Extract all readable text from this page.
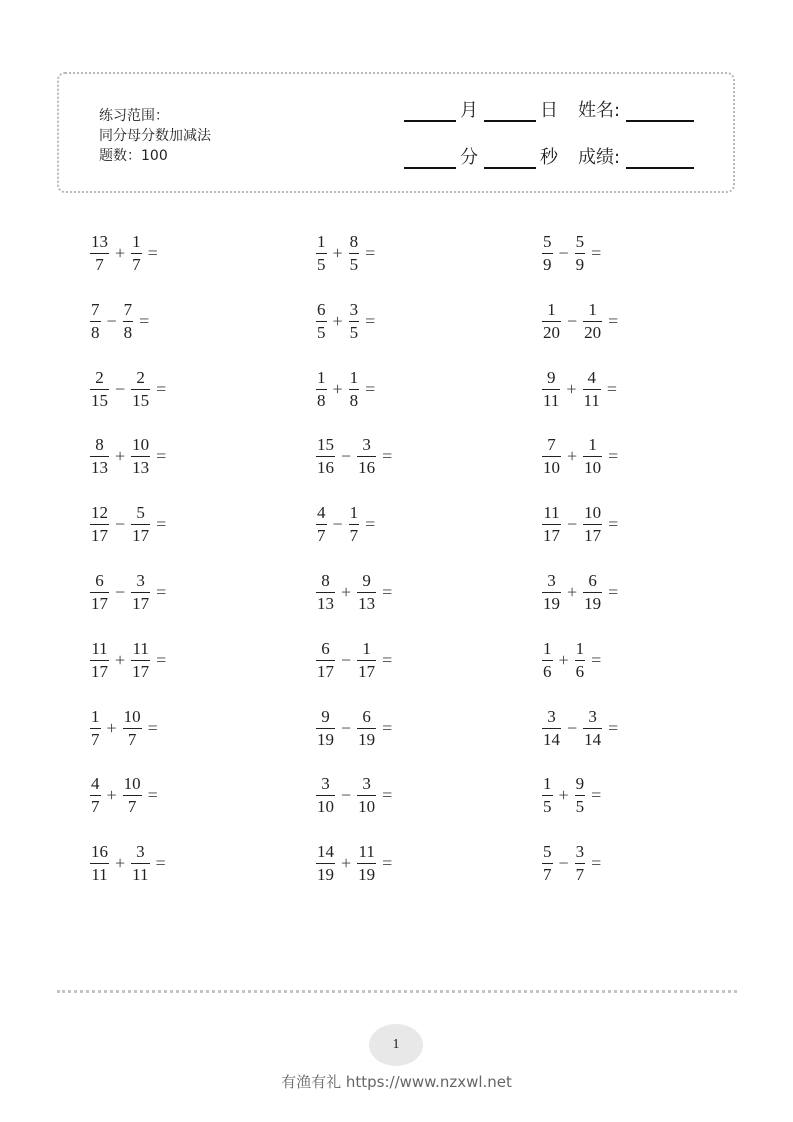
练习范围：
同分母分数加减法
题数：100
月	日 姓名:
分	秒 成绩:
$\frac{13}{7} + \frac{1}{7}$ =	$\frac{1}{5} + \frac{8}{5}$ =	$\frac{5}{9} - \frac{5}{9}$ =
$\frac{7}{8} - \frac{7}{8}$ =	$\frac{6}{5} + \frac{3}{5}$ =	$\frac{1}{20} - \frac{1}{20}$ =
$\frac{2}{15} - \frac{2}{15}$ =	$\frac{1}{8} + \frac{1}{8}$ =	$\frac{9}{11} + \frac{4}{11}$ =
$\frac{8}{13} + \frac{10}{13}$ =	$\frac{15}{16} - \frac{3}{16}$ =	$\frac{7}{10} + \frac{1}{10}$ =
$\frac{12}{17} - \frac{5}{17}$ =	$\frac{4}{7} - \frac{1}{7}$ =	$\frac{11}{17} - \frac{10}{17}$ =
$\frac{6}{17} - \frac{3}{17}$ =	$\frac{8}{13} + \frac{9}{13}$ =	$\frac{3}{19} + \frac{6}{19}$ =
$\frac{11}{17} + \frac{11}{17}$ =	$\frac{6}{17} - \frac{1}{17}$ =	$\frac{1}{6} + \frac{1}{6}$ =
$\frac{1}{7} + \frac{10}{7}$ =	$\frac{9}{19} - \frac{6}{19}$ =	$\frac{3}{14} - \frac{3}{14}$ =
$\frac{4}{7} + \frac{10}{7}$ =	$\frac{3}{10} - \frac{3}{10}$ =	$\frac{1}{5} + \frac{9}{5}$ =
$\frac{16}{11} + \frac{3}{11}$ =	$\frac{14}{19} + \frac{11}{19}$ =	$\frac{5}{7} - \frac{3}{7}$ =
1
有渔有礼 https://www.nzxwl.net
